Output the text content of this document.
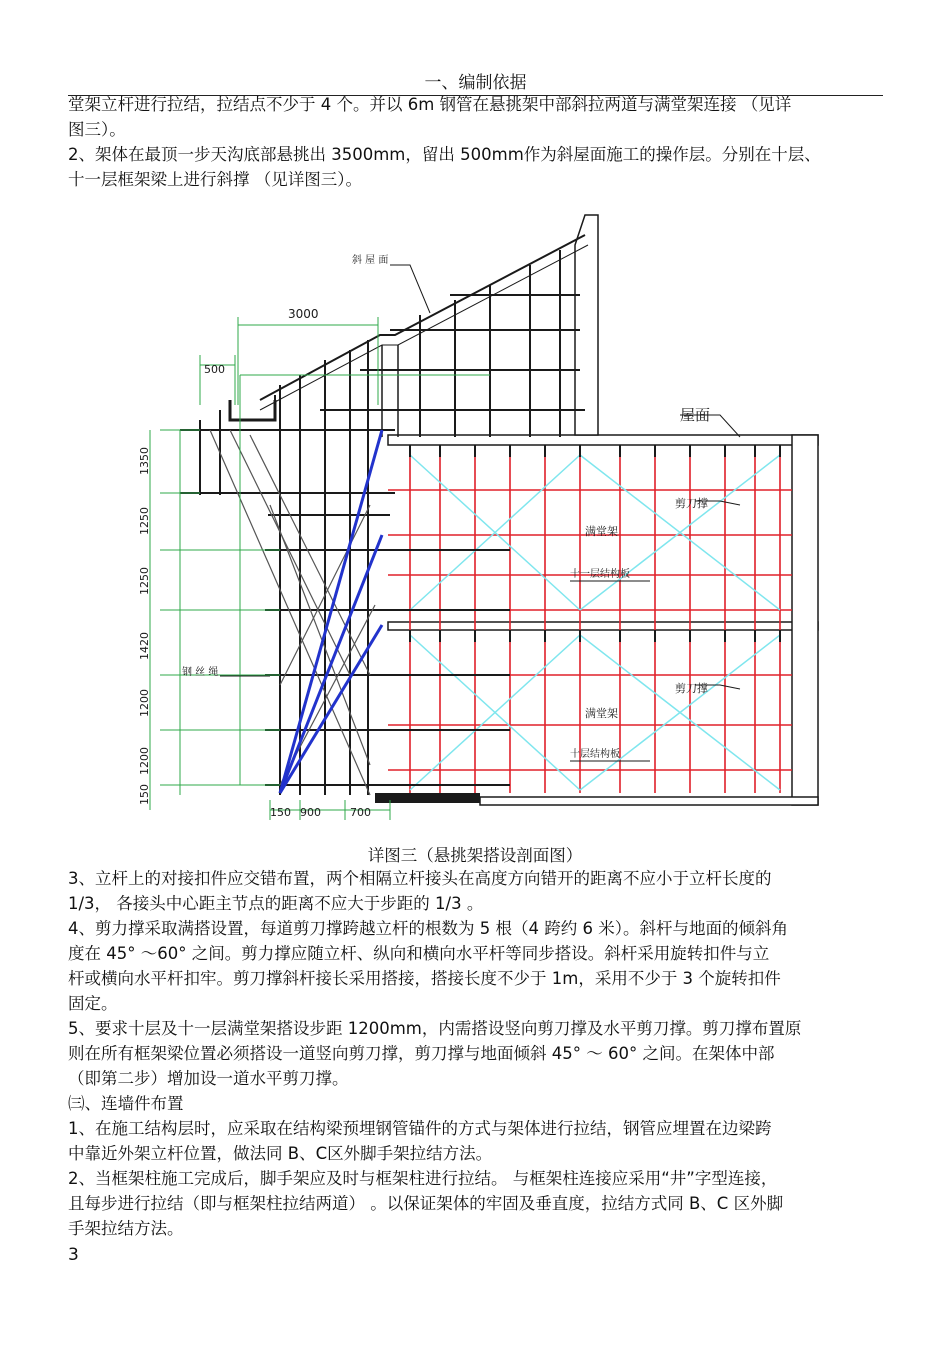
一、编制依据
堂架立杆进行拉结，拉结点不少于 4 个。并以 6m 钢管在悬挑架中部斜拉两道与满堂架连接 （见详
图三）。
2、架体在最顶一步天沟底部悬挑出 3500mm，留出 500mm作为斜屋面施工的操作层。分别在十层、
十一层框架梁上进行斜撑 （见详图三）。
斜 屋 面
屋面
满堂架
满堂架
剪刀撑
剪刀撑
十一层结构板
十层结构板
钢 丝 绳
3000
500
1350
1250
1250
1420
1200
1200
150
150 900	700
详图三（悬挑架搭设剖面图）
3、立杆上的对接扣件应交错布置，两个相隔立杆接头在高度方向错开的距离不应小于立杆长度的
1/3， 各接头中心距主节点的距离不应大于步距的 1/3 。
4、剪力撑采取满搭设置，每道剪刀撑跨越立杆的根数为 5 根（4 跨约 6 米）。斜杆与地面的倾斜角
度在 45° ～60° 之间。剪力撑应随立杆、纵向和横向水平杆等同步搭设。斜杆采用旋转扣件与立
杆或横向水平杆扣牢。剪刀撑斜杆接长采用搭接，搭接长度不少于 1m，采用不少于 3 个旋转扣件
固定。
5、要求十层及十一层满堂架搭设步距 1200mm，内需搭设竖向剪刀撑及水平剪刀撑。剪刀撑布置原
则在所有框架梁位置必须搭设一道竖向剪刀撑，剪刀撑与地面倾斜 45° ～ 60° 之间。在架体中部
（即第二步）增加设一道水平剪刀撑。
㈢、连墙件布置
1、在施工结构层时，应采取在结构梁预埋钢管锚件的方式与架体进行拉结，钢管应埋置在边梁跨
中靠近外架立杆位置，做法同 B、C区外脚手架拉结方法。
2、当框架柱施工完成后，脚手架应及时与框架柱进行拉结。 与框架柱连接应采用“井”字型连接，
且每步进行拉结（即与框架柱拉结两道） 。以保证架体的牢固及垂直度，拉结方式同 B、C 区外脚
手架拉结方法。
3
